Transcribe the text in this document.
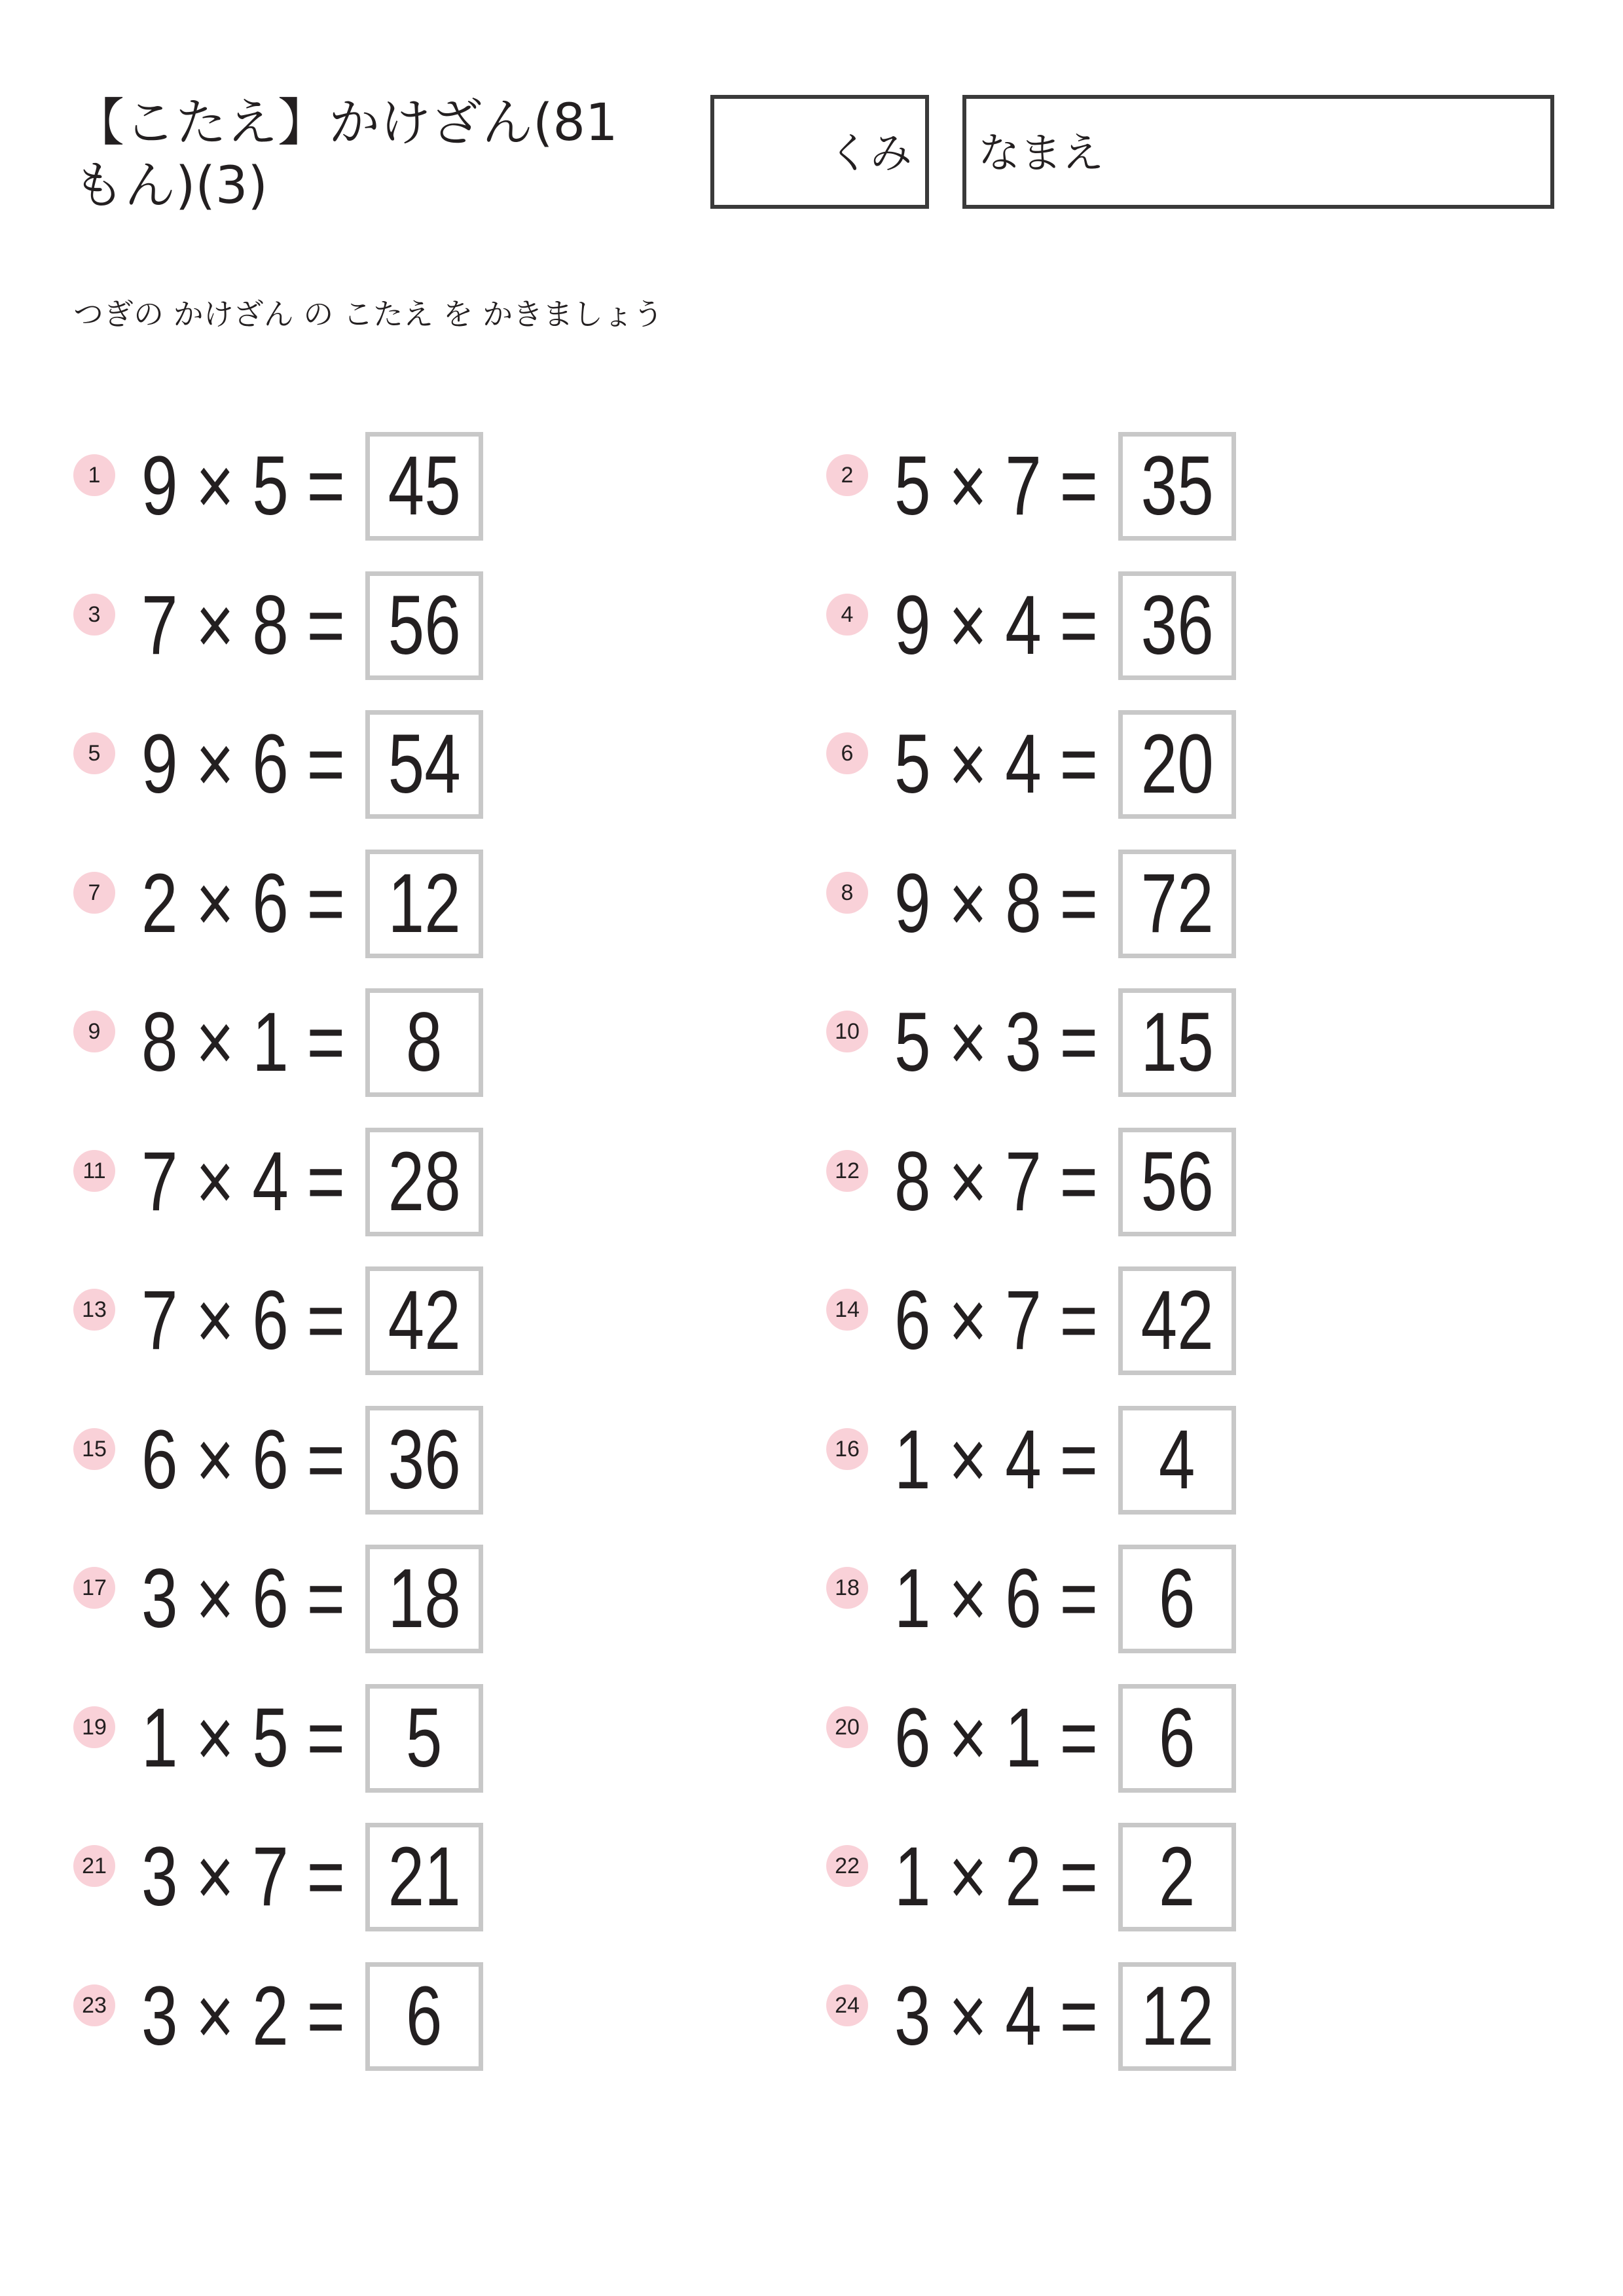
【こたえ】かけざん(81もん)(3)
くみ なまえ
つぎの かけざん の こたえ を かきましょう
1 9 × 5 = 45	2 5 × 7 = 35
3 7 × 8 = 56	4 9 × 4 = 36
5 9 × 6 = 54	6 5 × 4 = 20
7 2 × 6 = 12	8 9 × 8 = 72
9 8 × 1 = 8	10 5 × 3 = 15
11 7 × 4 = 28	12 8 × 7 = 56
13 7 × 6 = 42	14 6 × 7 = 42
15 6 × 6 = 36	16 1 × 4 = 4
17 3 × 6 = 18	18 1 × 6 = 6
19 1 × 5 = 5	20 6 × 1 = 6
21 3 × 7 = 21	22 1 × 2 = 2
23 3 × 2 = 6	24 3 × 4 = 12
